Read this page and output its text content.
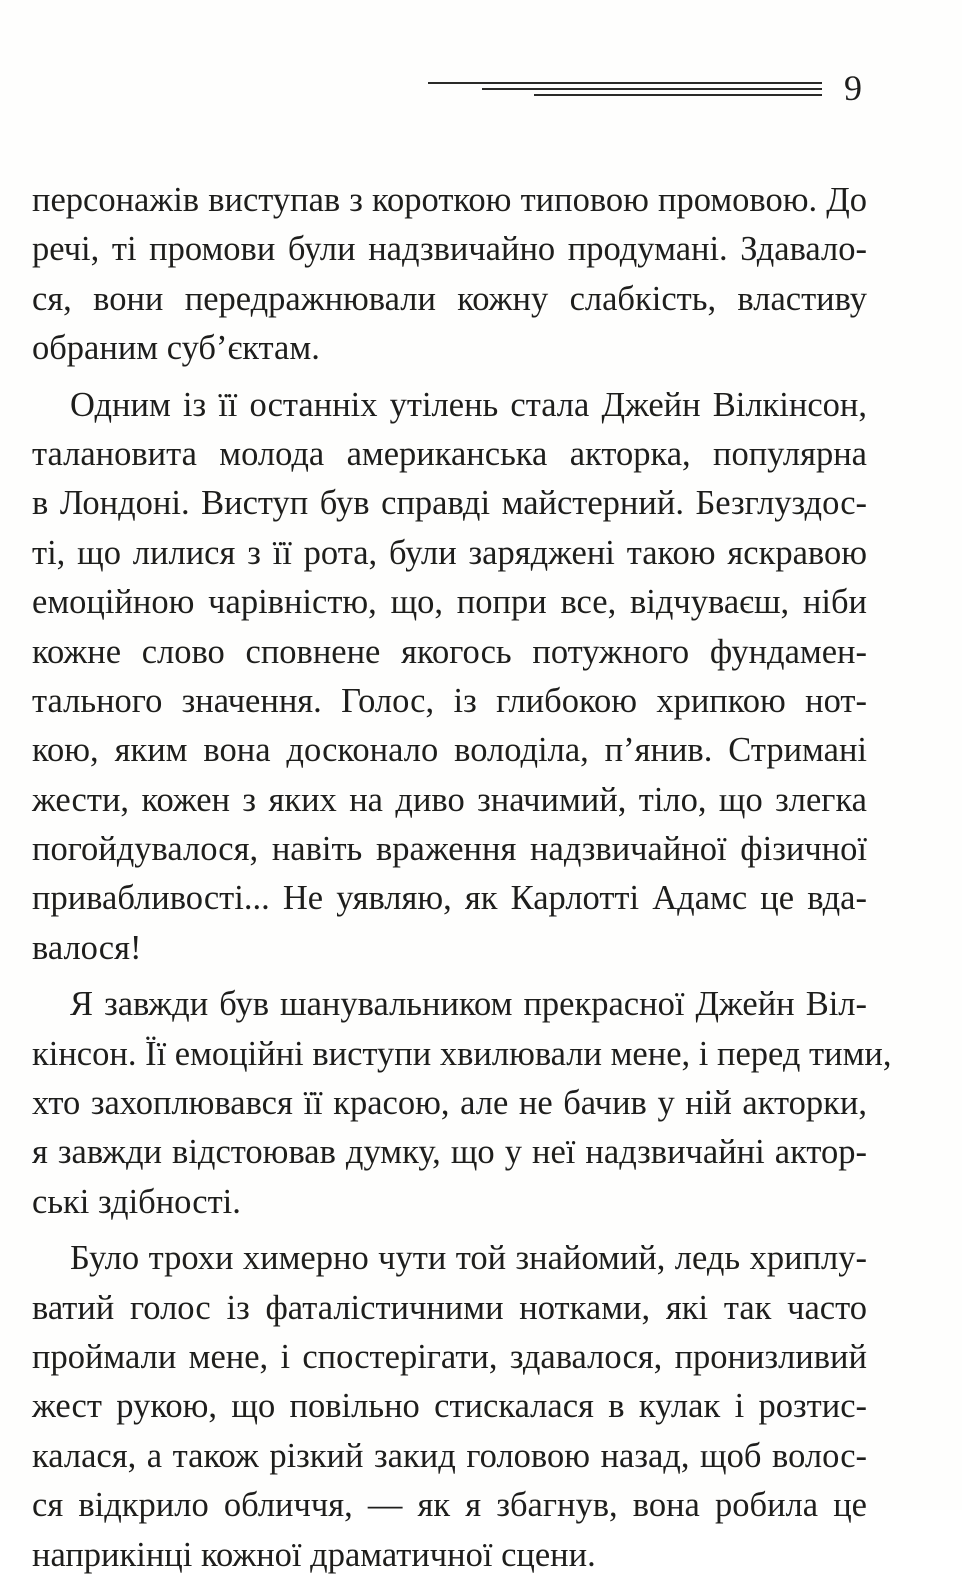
9
персонажів виступав з короткою типовою промовою. До
речі, ті промови були надзвичайно продумані. Здавало-
ся, вони передражнювали кожну слабкість, властиву
обраним суб’єктам.
Одним із її останніх утілень стала Джейн Вілкінсон,
талановита молода американська акторка, популярна
в Лондоні. Виступ був справді майстерний. Безглуздос-
ті, що лилися з її рота, були заряджені такою яскравою
емоційною чарівністю, що, попри все, відчуваєш, ніби
кожне слово сповнене якогось потужного фундамен-
тального значення. Голос, із глибокою хрипкою нот-
кою, яким вона досконало володіла, п’янив. Стримані
жести, кожен з яких на диво значимий, тіло, що злегка
погойдувалося, навіть враження надзвичайної фізичної
привабливості... Не уявляю, як Карлотті Адамс це вда-
валося!
Я завжди був шанувальником прекрасної Джейн Віл-
кінсон. Її емоційні виступи хвилювали мене, і перед тими,
хто захоплювався її красою, але не бачив у ній акторки,
я завжди відстоював думку, що у неї надзвичайні актор-
ські здібності.
Було трохи химерно чути той знайомий, ледь хриплу-
ватий голос із фаталістичними нотками, які так часто
проймали мене, і спостерігати, здавалося, пронизливий
жест рукою, що повільно стискалася в кулак і розтис-
калася, а також різкий закид головою назад, щоб волос-
ся відкрило обличчя, — як я збагнув, вона робила це
наприкінці кожної драматичної сцени.
